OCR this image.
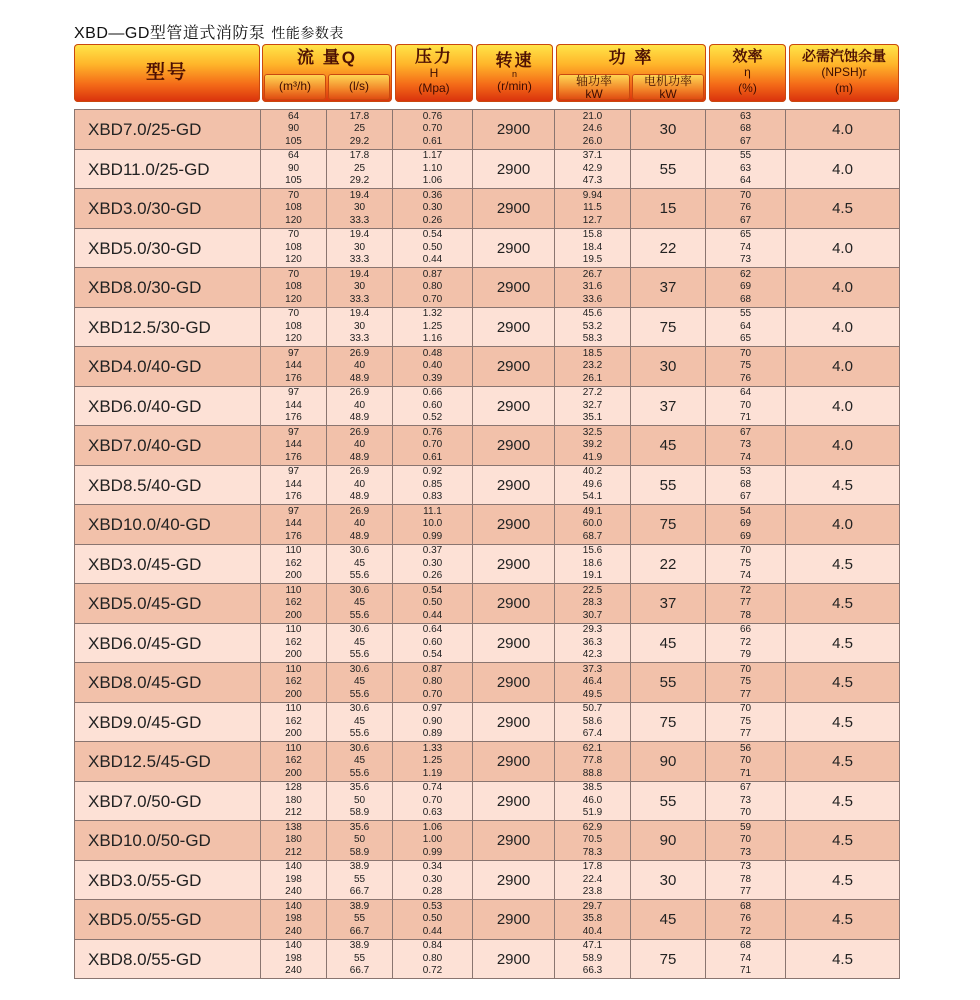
XBD—GD型管道式消防泵 性能参数表
型号
流 量Q
(m³/h)	(l/s)
压力
H
(Mpa)
转速
n
(r/min)
功 率
轴功率
kW
电机功率
kW
效率
η
(%)
必需汽蚀余量
(NPSH)r
(m)
XBD7.0/25-GD
64
90
105
17.8
25
29.2
0.76
0.70
0.61
2900
21.0
24.6
26.0
30
63
68
67
4.0
XBD11.0/25-GD
64
90
105
17.8
25
29.2
1.17
1.10
1.06
2900
37.1
42.9
47.3
55
55
63
64
4.0
XBD3.0/30-GD
70
108
120
19.4
30
33.3
0.36
0.30
0.26
2900
9.94
11.5
12.7
15
70
76
67
4.5
XBD5.0/30-GD
70
108
120
19.4
30
33.3
0.54
0.50
0.44
2900
15.8
18.4
19.5
22
65
74
73
4.0
XBD8.0/30-GD
70
108
120
19.4
30
33.3
0.87
0.80
0.70
2900
26.7
31.6
33.6
37
62
69
68
4.0
XBD12.5/30-GD
70
108
120
19.4
30
33.3
1.32
1.25
1.16
2900
45.6
53.2
58.3
75
55
64
65
4.0
XBD4.0/40-GD
97
144
176
26.9
40
48.9
0.48
0.40
0.39
2900
18.5
23.2
26.1
30
70
75
76
4.0
XBD6.0/40-GD
97
144
176
26.9
40
48.9
0.66
0.60
0.52
2900
27.2
32.7
35.1
37
64
70
71
4.0
XBD7.0/40-GD
97
144
176
26.9
40
48.9
0.76
0.70
0.61
2900
32.5
39.2
41.9
45
67
73
74
4.0
XBD8.5/40-GD
97
144
176
26.9
40
48.9
0.92
0.85
0.83
2900
40.2
49.6
54.1
55
53
68
67
4.5
XBD10.0/40-GD
97
144
176
26.9
40
48.9
11.1
10.0
0.99
2900
49.1
60.0
68.7
75
54
69
69
4.0
XBD3.0/45-GD
110
162
200
30.6
45
55.6
0.37
0.30
0.26
2900
15.6
18.6
19.1
22
70
75
74
4.5
XBD5.0/45-GD
110
162
200
30.6
45
55.6
0.54
0.50
0.44
2900
22.5
28.3
30.7
37
72
77
78
4.5
XBD6.0/45-GD
110
162
200
30.6
45
55.6
0.64
0.60
0.54
2900
29.3
36.3
42.3
45
66
72
79
4.5
XBD8.0/45-GD
110
162
200
30.6
45
55.6
0.87
0.80
0.70
2900
37.3
46.4
49.5
55
70
75
77
4.5
XBD9.0/45-GD
110
162
200
30.6
45
55.6
0.97
0.90
0.89
2900
50.7
58.6
67.4
75
70
75
77
4.5
XBD12.5/45-GD
110
162
200
30.6
45
55.6
1.33
1.25
1.19
2900
62.1
77.8
88.8
90
56
70
71
4.5
XBD7.0/50-GD
128
180
212
35.6
50
58.9
0.74
0.70
0.63
2900
38.5
46.0
51.9
55
67
73
70
4.5
XBD10.0/50-GD
138
180
212
35.6
50
58.9
1.06
1.00
0.99
2900
62.9
70.5
78.3
90
59
70
73
4.5
XBD3.0/55-GD
140
198
240
38.9
55
66.7
0.34
0.30
0.28
2900
17.8
22.4
23.8
30
73
78
77
4.5
XBD5.0/55-GD
140
198
240
38.9
55
66.7
0.53
0.50
0.44
2900
29.7
35.8
40.4
45
68
76
72
4.5
XBD8.0/55-GD
140
198
240
38.9
55
66.7
0.84
0.80
0.72
2900
47.1
58.9
66.3
75
68
74
71
4.5
